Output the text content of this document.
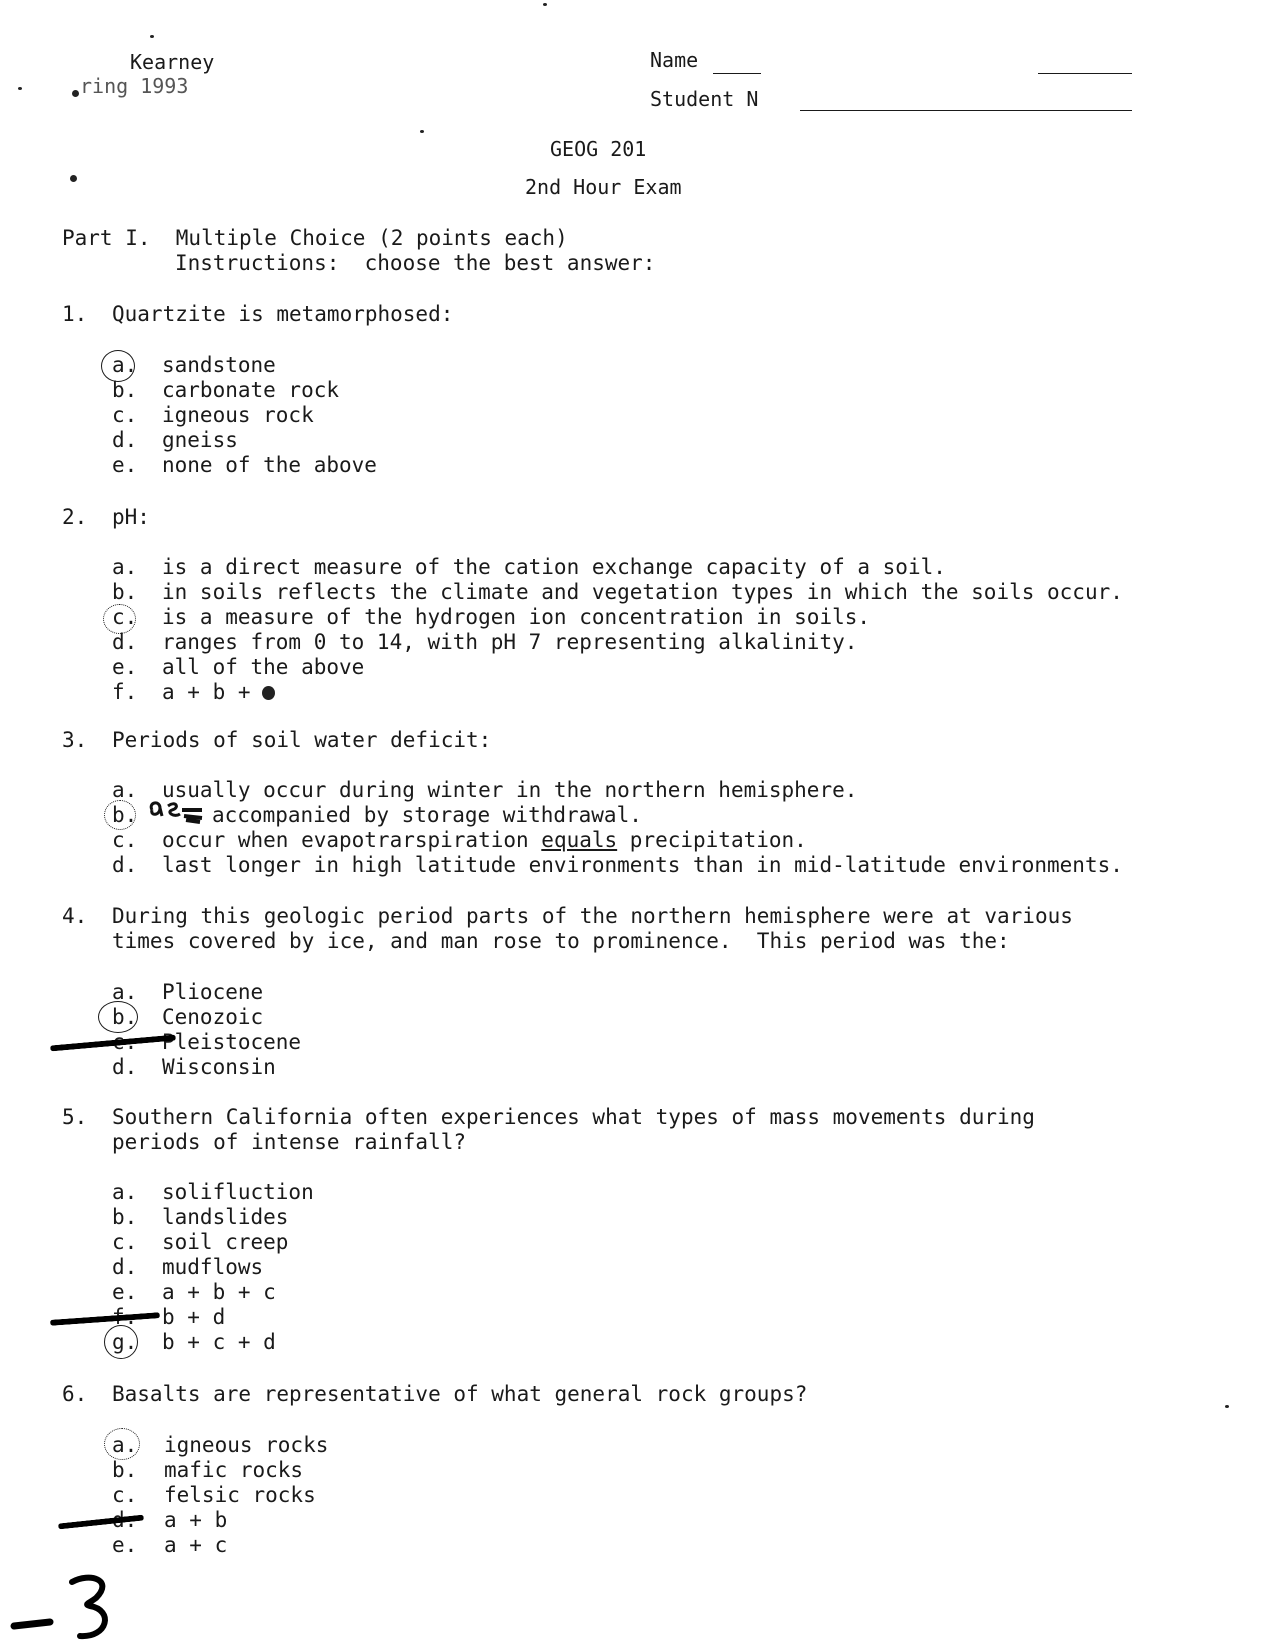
Kearney
ring 1993
Name
Student N
GEOG 201
2nd Hour Exam
Part I.  Multiple Choice (2 points each)
Instructions:  choose the best answer:
1. Quartzite is metamorphosed:
a. sandstone
b. carbonate rock
c. igneous rock
d. gneiss
e. none of the above
2. pH:
a. is a direct measure of the cation exchange capacity of a soil.
b. in soils reflects the climate and vegetation types in which the soils occur.
c. is a measure of the hydrogen ion concentration in soils.
d. ranges from 0 to 14, with pH 7 representing alkalinity.
e. all of the above
f. a + b +
3. Periods of soil water deficit:
a. usually occur during winter in the northern hemisphere.
b.	accompanied by storage withdrawal.
c. occur when evapotrarspiration equals precipitation.
d. last longer in high latitude environments than in mid-latitude environments.
4. During this geologic period parts of the northern hemisphere were at various
times covered by ice, and man rose to prominence.  This period was the:
a. Pliocene
b. Cenozoic
c. Pleistocene
d. Wisconsin
5. Southern California often experiences what types of mass movements during
periods of intense rainfall?
a. solifluction
b. landslides
c. soil creep
d. mudflows
e. a + b + c
f. b + d
g. b + c + d
6. Basalts are representative of what general rock groups?
a. igneous rocks
b. mafic rocks
c. felsic rocks
d. a + b
e. a + c
